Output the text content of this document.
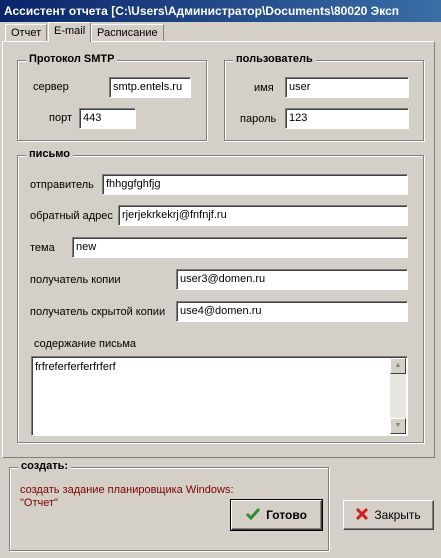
Ассистент отчета [C:\Users\Администратор\Documents\80020 Эксп
Отчет	E-mail	Расписание
Протокол SMTP
сервер	smtp.entels.ru
порт	443
пользователь
имя	user
пароль	123
письмо
отправитель	fhhggfghfjg
обратный адрес rjerjekrkekrj@fnfnjf.ru
тема	new
получатель копии	user3@domen.ru
получатель скрытой копии	use4@domen.ru
содержание письма
frfreferferferfrferf	▲
▼
создать:
создать задание планировщика Windows:
"Отчет"
Готово	Закрыть
